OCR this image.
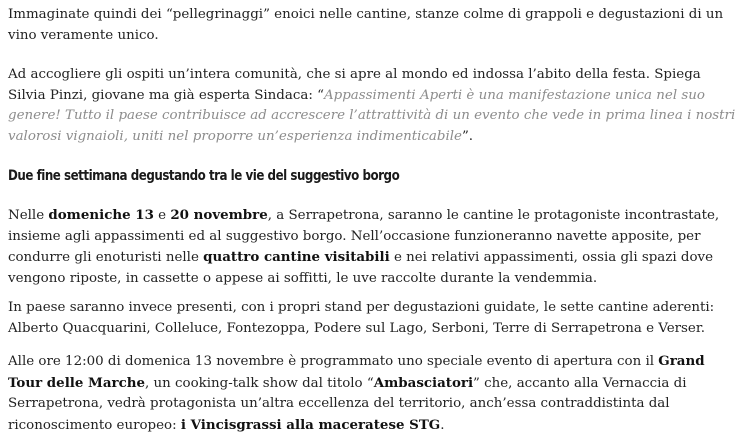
Immaginate quindi dei “pellegrinaggi” enoici nelle cantine, stanze colme di grappoli e degustazioni di un vino veramente unico.

Ad accogliere gli ospiti un’intera comunità, che si apre al mondo ed indossa l’abito della festa. Spiega Silvia Pinzi, giovane ma già esperta Sindaca: “Appassimenti Aperti è una manifestazione unica nel suo genere! Tutto il paese contribuisce ad accrescere l’attrattività di un evento che vede in prima linea i nostri valorosi vignaioli, uniti nel proporre un’esperienza indimenticabile”.

Due fine settimana degustando tra le vie del suggestivo borgo

Nelle domeniche 13 e 20 novembre, a Serrapetrona, saranno le cantine le protagoniste incontrastate, insieme agli appassimenti ed al suggestivo borgo. Nell’occasione funzioneranno navette apposite, per condurre gli enoturisti nelle quattro cantine visitabili e nei relativi appassimenti, ossia gli spazi dove vengono riposte, in cassette o appese ai soffitti, le uve raccolte durante la vendemmia.

In paese saranno invece presenti, con i propri stand per degustazioni guidate, le sette cantine aderenti: Alberto Quacquarini, Colleluce, Fontezoppa, Podere sul Lago, Serboni, Terre di Serrapetrona e Verser.

Alle ore 12:00 di domenica 13 novembre è programmato uno speciale evento di apertura con il Grand Tour delle Marche, un cooking-talk show dal titolo “Ambasciatori” che, accanto alla Vernaccia di Serrapetrona, vedrà protagonista un’altra eccellenza del territorio, anch’essa contraddistinta dal riconoscimento europeo: i Vincisgrassi alla maceratese STG.
